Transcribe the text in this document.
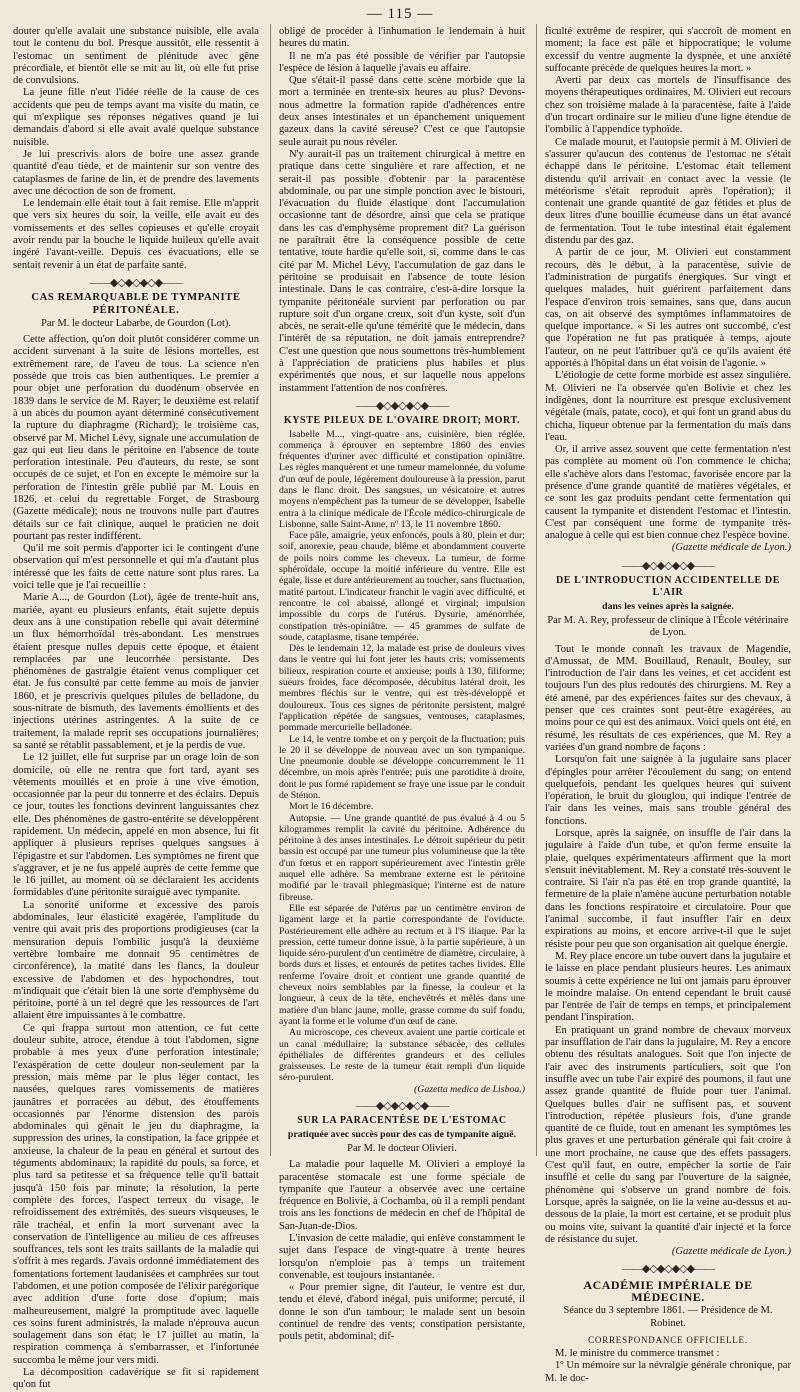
— 115 —

douter qu'elle avalait une substance nuisible, elle avala tout le contenu du bol. Presque aussitôt, elle ressentit à l'estomac un sentiment de plénitude avec gêne précordiale, et bientôt elle se mit au lit, où elle fut prise de convulsions.

La jeune fille n'eut l'idée réelle de la cause de ces accidents que peu de temps avant ma visite du matin, ce qui m'explique ses réponses négatives quand je lui demandais d'abord si elle avait avalé quelque substance nuisible.

Je lui prescrivis alors de boire une assez grande quantité d'eau tiède, et de maintenir sur son ventre des cataplasmes de farine de lin, et de prendre des lavements avec une décoction de son de froment.

Le lendemain elle était tout à fait remise. Elle m'apprit que vers six heures du soir, la veille, elle avait eu des vomissements et des selles copieuses et qu'elle croyait avoir rendu par la bouche le liquide huileux qu'elle avait ingéré l'avant-veille. Depuis ces évacuations, elle se sentait revenir à un état de parfaite santé.

——◆◇◆◇◆◇◆——
CAS REMARQUABLE DE TYMPANITE PÉRITONÉALE.
Par M. le docteur Labarbe, de Gourdon (Lot).

Cette affection, qu'on doit plutôt considérer comme un accident survenant à la suite de lésions mortelles, est extrêmement rare, de l'aveu de tous. La science n'en possède que trois cas bien authentiques. Le premier a pour objet une perforation du duodénum observée en 1839 dans le service de M. Rayer; le deuxième est relatif à un abcès du poumon ayant déterminé consécutivement la rupture du diaphragme (Richard); le troisième cas, observé par M. Michel Lévy, signale une accumulation de gaz qui eut lieu dans le péritoine en l'absence de toute perforation intestinale. Peu d'auteurs, du reste, se sont occupés de ce sujet, et l'on en excepte le mémoire sur la perforation de l'intestin grêle publié par M. Louis en 1826, et celui du regrettable Forget, de Strasbourg (Gazette médicale); nous ne trouvons nulle part d'autres détails sur ce fait clinique, auquel le praticien ne doit pourtant pas rester indifférent.

Qu'il me soit permis d'apporter ici le contingent d'une observation qui m'est personnelle et qui m'a d'autant plus intéressé que les faits de cette nature sont plus rares. La voici telle que je l'ai recueillie :

Marie A..., de Gourdon (Lot), âgée de trente-huit ans, mariée, ayant eu plusieurs enfants, était sujette depuis deux ans à une constipation rebelle qui avait déterminé un flux hémorrhoïdal très-abondant. Les menstrues étaient presque nulles depuis cette époque, et étaient remplacées par une leucorrhée persistante. Des phénomènes de gastralgie étaient venus compliquer cet état. Je fus consulté par cette femme au mois de janvier 1860, et je prescrivis quelques pilules de belladone, du sous-nitrate de bismuth, des lavements émollients et des injections utérines astringentes. A la suite de ce traitement, la malade reprit ses occupations journalières; sa santé se rétablit passablement, et je la perdis de vue.

Le 12 juillet, elle fut surprise par un orage loin de son domicile, où elle ne rentra que fort tard, ayant ses vêtements mouillés et en proie à une vive émotion, occasionnée par la peur du tonnerre et des éclairs. Depuis ce jour, toutes les fonctions devinrent languissantes chez elle. Des phénomènes de gastro-entérite se développèrent rapidement. Un médecin, appelé en mon absence, lui fit appliquer à plusieurs reprises quelques sangsues à l'épigastre et sur l'abdomen. Les symptômes ne firent que s'aggraver, et je ne fus appelé auprès de cette femme que le 16 juillet, au moment où se déclaraient les accidents formidables d'une péritonite suraiguë avec tympanite.

La sonorité uniforme et excessive des parois abdominales, leur élasticité exagérée, l'amplitude du ventre qui avait pris des proportions prodigieuses (car la mensuration depuis l'ombilic jusqu'à la deuxième vertèbre lombaire me donnait 95 centimètres de circonférence), la matité dans les flancs, la douleur excessive de l'abdomen et des hypochondres, tout m'indiquait que c'était bien là une sorte d'emphysème du péritoine, porté à un tel degré que les ressources de l'art allaient être impuissantes à le combattre.

Ce qui frappa surtout mon attention, ce fut cette douleur subite, atroce, étendue à tout l'abdomen, signe probable à mes yeux d'une perforation intestinale; l'exaspération de cette douleur non-seulement par la pression, mais même par le plus léger contact, les nausées, quelques rares vomissements de matières jaunâtres et porracées au début, des étouffements occasionnés par l'énorme distension des parois abdominales qui gênait le jeu du diaphragme, la suppression des urines, la constipation, la face grippée et anxieuse, la chaleur de la peau en général et surtout des téguments abdominaux; la rapidité du pouls, sa force, et plus tard sa petitesse et sa fréquence telle qu'il battait jusqu'à 150 fois par minute; la résolution, la perte complète des forces, l'aspect terreux du visage, le refroidissement des extrémités, des sueurs visqueuses, le râle trachéal, et enfin la mort survenant avec la conservation de l'intelligence au milieu de ces affreuses souffrances, tels sont les traits saillants de la maladie qui s'offrit à mes regards. J'avais ordonné immédiatement des fomentations fortement laudanisées et camphrées sur tout l'abdomen, et une potion composée de l'élixir parégorique avec addition d'une forte dose d'opium; mais malheureusement, malgré la promptitude avec laquelle ces soins furent administrés, la malade n'éprouva aucun soulagement dans son état; le 17 juillet au matin, la respiration commença à s'embarrasser, et l'infortunée succomba le même jour vers midi.

La décomposition cadavérique se fit si rapidement qu'on fut

obligé de procéder à l'inhumation le lendemain à huit heures du matin.

Il ne m'a pas été possible de vérifier par l'autopsie l'espèce de lésion à laquelle j'avais eu affaire.

Que s'était-il passé dans cette scène morbide que la mort a terminée en trente-six heures au plus? Devons-nous admettre la formation rapide d'adhérences entre deux anses intestinales et un épanchement uniquement gazeux dans la cavité séreuse? C'est ce que l'autopsie seule aurait pu nous révéler.

N'y aurait-il pas un traitement chirurgical à mettre en pratique dans cette singulière et rare affection, et ne serait-il pas possible d'obtenir par la paracentèse abdominale, ou par une simple ponction avec le bistouri, l'évacuation du fluide élastique dont l'accumulation occasionne tant de désordre, ainsi que cela se pratique dans les cas d'emphysème proprement dit? La guérison ne paraîtrait être la conséquence possible de cette tentative, toute hardie qu'elle soit, si, comme dans le cas cité par M. Michel Lévy, l'accumulation de gaz dans le péritoine se produisait en l'absence de toute lésion intestinale. Dans le cas contraire, c'est-à-dire lorsque la tympanite péritonéale survient par perforation ou par rupture soit d'un organe creux, soit d'un kyste, soit d'un abcès, ne serait-elle qu'une témérité que le médecin, dans l'intérêt de sa réputation, ne doit jamais entreprendre? C'est une question que nous soumettons très-humblement à l'appréciation de praticiens plus habiles et plus expérimentés que nous, et sur laquelle nous appelons instamment l'attention de nos confrères.

——◆◇◆◇◆◇◆——
KYSTE PILEUX DE L'OVAIRE DROIT; MORT.

Isabelle M..., vingt-quatre ans, cuisinière, bien réglée, commença à éprouver en septembre 1860 des envies fréquentes d'uriner avec difficulté et constipation opiniâtre. Les règles manquèrent et une tumeur mamelonnée, du volume d'un œuf de poule, légèrement douloureuse à la pression, parut dans le flanc droit. Des sangsues, un vésicatoire et autres moyens n'empêchent pas la tumeur de se développer, Isabelle entra à la clinique médicale de l'École médico-chirurgicale de Lisbonne, salle Saint-Anne, nº 13, le 11 novembre 1860.

Face pâle, amaigrie, yeux enfoncés, pouls à 80, plein et dur; soif, anorexie, peau chaude, blême et abondamment couverte de poils noirs comme les cheveux. La tumeur, de forme sphéroïdale, occupe la moitié inférieure du ventre. Elle est égale, lisse et dure antérieurement au toucher, sans fluctuation, matité partout. L'indicateur franchit le vagin avec difficulté, et rencontre le col abaissé, allongé et virginal; impulsion impossible du corps de l'utérus. Dysurie, aménorrhée, constipation très-opiniâtre. — 45 grammes de sulfate de soude, cataplasme, tisane tempérée.

Dès le lendemain 12, la malade est prise de douleurs vives dans le ventre qui lui font jeter les hauts cris; vomissements bilieux, respiration courte et anxieuse; pouls à 130, filiforme; sueurs froides, face décomposée, décubitus latéral droit, les membres fléchis sur le ventre, qui est très-développé et douloureux. Tous ces signes de péritonite persistent, malgré l'application répétée de sangsues, ventouses, cataplasmes, pommade mercurielle belladonée.

Le 14, le ventre tombe et on y perçoit de la fluctuation; puis le 20 il se développe de nouveau avec un son tympanique. Une pneumonie double se développe concurremment le 11 décembre, un mois après l'entrée; puis une parotidite à droite, dont le pus formé rapidement se fraye une issue par le conduit de Sténon.

Mort le 16 décembre.

Autopsie. — Une grande quantité de pus évalué à 4 ou 5 kilogrammes remplit la cavité du péritoine. Adhérence du péritoine à des anses intestinales. Le détroit supérieur du petit bassin est occupé par une tumeur plus volumineuse que la tête d'un fœtus et en rapport supérieurement avec l'intestin grêle auquel elle adhère. Sa membrane externe est le péritoine modifié par le travail phlegmasique; l'interne est de nature fibreuse.

Elle est séparée de l'utérus par un centimètre environ de ligament large et la partie correspondante de l'oviducte. Postérieurement elle adhère au rectum et à l'S iliaque. Par la pression, cette tumeur donne issue, à la partie supérieure, à un liquide séro-purulent d'un centimètre de diamètre, circulaire, à bords durs et lisses, et entourés de petites taches livides. Elle renferme l'ovaire droit et contient une grande quantité de cheveux noirs semblables par la finesse, la couleur et la longueur, à ceux de la tête, enchevêtrés et mêlés dans une matière d'un blanc jaune, molle, grasse comme du suif fondu, ayant la forme et le volume d'un œuf de cane.

Au microscope, ces cheveux avaient une partie corticale et un canal médullaire; la substance sébacée, des cellules épithéliales de différentes grandeurs et des cellules graisseuses. Le reste de la tumeur était rempli d'un liquide séro-purulent.

(Gazetta medica de Lisboa.)

——◆◇◆◇◆◇◆——
SUR LA PARACENTÈSE DE L'ESTOMAC
pratiquée avec succès pour des cas de tympanite aiguë.
Par M. le docteur Olivieri.

La maladie pour laquelle M. Olivieri a employé la paracentèse stomacale est une forme spéciale de tympanite que l'auteur a observée avec une certaine fréquence en Bolivie, à Cochamba, où il a rempli pendant trois ans les fonctions de médecin en chef de l'hôpital de San-Juan-de-Dios.

L'invasion de cette maladie, qui enlève constamment le sujet dans l'espace de vingt-quatre à trente heures lorsqu'on n'emploie pas à temps un traitement convenable, est toujours instantanée.

« Pour premier signe, dit l'auteur, le ventre est dur, tendu et élevé, d'abord inégal, puis uniforme; percuté, il donne le son d'un tambour; le malade sent un besoin continuel de rendre des vents; constipation persistante, pouls petit, abdominal; dif-

ficulté extrême de respirer, qui s'accroît de moment en moment; la face est pâle et hippocratique; le volume excessif du ventre augmente la dyspnée, et une anxiété suffocante précède de quelques heures la mort. »

Averti par deux cas mortels de l'insuffisance des moyens thérapeutiques ordinaires, M. Olivieri eut recours chez son troisième malade à la paracentèse, faite à l'aide d'un trocart ordinaire sur le milieu d'une ligne étendue de l'ombilic à l'appendice typhoïde.

Ce malade mourut, et l'autopsie permit à M. Olivieri de s'assurer qu'aucun des contenus de l'estomac ne s'était échappé dans le péritoine. L'estomac était tellement distendu qu'il arrivait en contact avec la vessie (le météorisme s'était reproduit après l'opération); il contenait une grande quantité de gaz fétides et plus de deux litres d'une bouillie écumeuse dans un état avancé de fermentation. Tout le tube intestinal était également distendu par des gaz.

A partir de ce jour, M. Olivieri eut constamment recours, dès le début, à la paracentèse, suivie de l'administration de purgatifs énergiques. Sur vingt et quelques malades, huit guérirent parfaitement dans l'espace d'environ trois semaines, sans que, dans aucun cas, on ait observé des symptômes inflammatoires de quelque importance. « Si les autres ont succombé, c'est que l'opération ne fut pas pratiquée à temps, ajoute l'auteur, on ne peut l'attribuer qu'à ce qu'ils avaient été apportés à l'hôpital dans un état voisin de l'agonie. »

L'étiologie de cette forme morbide est assez singulière. M. Olivieri ne l'a observée qu'en Bolivie et chez les indigènes, dont la nourriture est presque exclusivement végétale (maïs, patate, coco), et qui font un grand abus du chicha, liqueur obtenue par la fermentation du maïs dans l'eau.

Or, il arrive assez souvent que cette fermentation n'est pas complète au moment où l'on commence le chicha; elle s'achève alors dans l'estomac, favorisée encore par la présence d'une grande quantité de matières végétales, et ce sont les gaz produits pendant cette fermentation qui causent la tympanite et distendent l'estomac et l'intestin. C'est par conséquent une forme de tympanite très-analogue à celle qui est bien connue chez l'espèce bovine.

(Gazette médicale de Lyon.)

——◆◇◆◇◆◇◆——
DE L'INTRODUCTION ACCIDENTELLE DE L'AIR
dans les veines après la saignée.
Par M. A. Rey, professeur de clinique à l'École vétérinaire de Lyon.

Tout le monde connaît les travaux de Magendie, d'Amussat, de MM. Bouillaud, Renault, Bouley, sur l'introduction de l'air dans les veines, et cet accident est toujours l'un des plus redoutés des chirurgiens. M. Rey a été amené, par des expériences faites sur des chevaux, à penser que ces craintes sont peut-être exagérées, au moins pour ce qui est des animaux. Voici quels ont été, en résumé, les résultats de ces expériences, que M. Rey a variées d'un grand nombre de façons :

Lorsqu'on fait une saignée à la jugulaire sans placer d'épingles pour arrêter l'écoulement du sang; on entend quelquefois, pendant les quelques heures qui suivent l'opération, le bruit du glouglou, qui indique l'entrée de l'air dans les veines, mais sans trouble général des fonctions.

Lorsque, après la saignée, on insuffle de l'air dans la jugulaire à l'aide d'un tube, et qu'on ferme ensuite la plaie, quelques expérimentateurs affirment que la mort s'ensuit inévitablement. M. Rey a constaté très-souvent le contraire. Si l'air n'a pas été en trop grande quantité, la fermeture de la plaie n'amène aucune perturbation notable dans les fonctions respiratoire et circulatoire. Pour que l'animal succombe, il faut insuffler l'air en deux expirations au moins, et encore arrive-t-il que le sujet résiste pour peu que son organisation ait quelque énergie.

M. Rey place encore un tube ouvert dans la jugulaire et le laisse en place pendant plusieurs heures. Les animaux soumis à cette expérience ne lui ont jamais paru éprouver le moindre malaise. On entend cependant le bruit causé par l'entrée de l'air de temps en temps, et principalement pendant l'inspiration.

En pratiquant un grand nombre de chevaux morveux par insufflation de l'air dans la jugulaire, M. Rey a encore obtenu des résultats analogues. Soit que l'on injecte de l'air avec des instruments particuliers, soit que l'on insuffle avec un tube l'air expiré des poumons, il faut une assez grande quantité de fluide pour tuer l'animal. Quelques bulles d'air ne suffisent pas, et souvent l'introduction, répétée plusieurs fois, d'une grande quantité de ce fluide, tout en amenant les symptômes les plus graves et une perturbation générale qui fait croire à une mort prochaine, ne cause que des effets passagers. C'est qu'il faut, en outre, empêcher la sortie de l'air insufflé et celle du sang par l'ouverture de la saignée, phénomène qui s'observe un grand nombre de fois. Lorsque, après la saignée, on lie la veine au-dessus et au-dessous de la plaie, la mort est certaine, et se produit plus ou moins vite, suivant la quantité d'air injecté et la force de résistance du sujet.

(Gazette médicale de Lyon.)

——◆◇◆◇◆◇◆——
ACADÉMIE IMPÉRIALE DE MÉDECINE.
Séance du 3 septembre 1861. — Présidence de M. Robinet.
CORRESPONDANCE OFFICIELLE.

M. le ministre du commerce transmet :

1º Un mémoire sur la névralgie générale chronique, par M. le doc-
